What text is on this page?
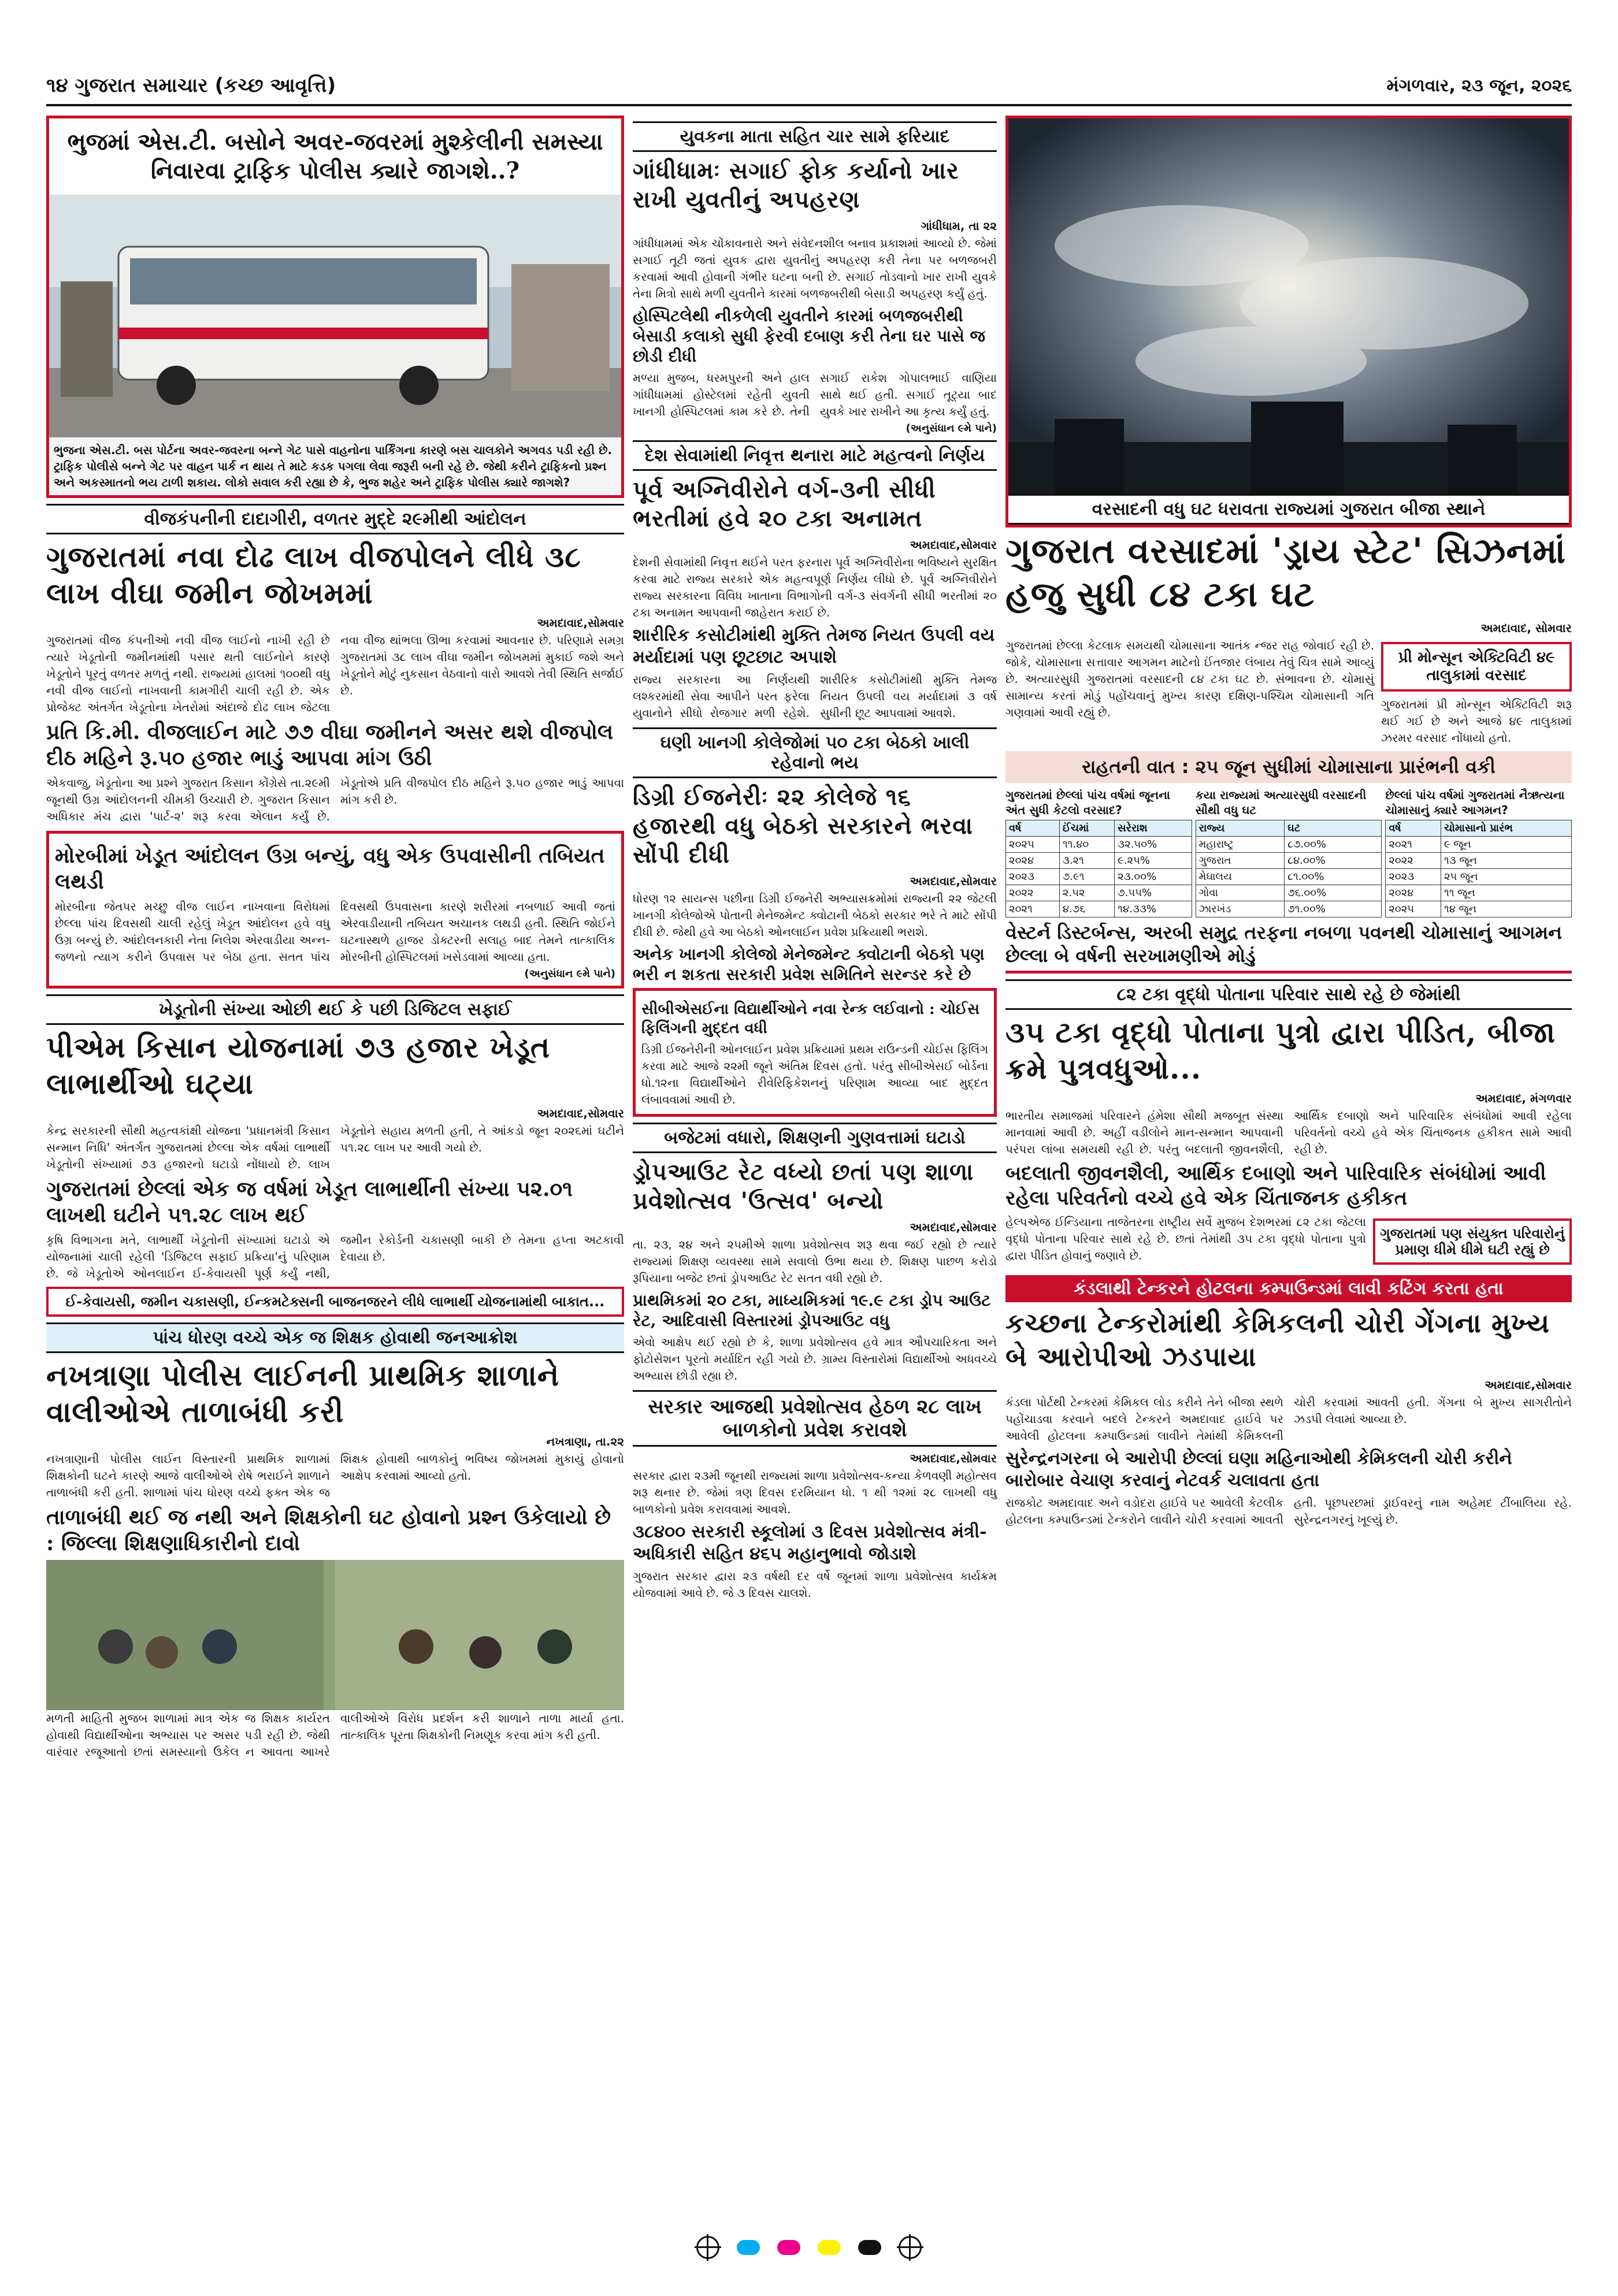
૧૪ ગુજરાત સમાચાર (કચ્છ આવૃત્તિ)	મંગળવાર, ૨૩ જૂન, ૨૦૨૬
ભુજમાં એસ.ટી. બસોને અવર-જવરમાં મુશ્કેલીની સમસ્યા નિવારવા ટ્રાફિક પોલીસ ક્યારે જાગશે..?
ભુજના એસ.ટી. બસ પોર્ટના અવર-જવરના બન્ને ગેટ પાસે વાહનોના પાર્કિંગના કારણે બસ ચાલકોને અગવડ પડી રહી છે. ટ્રાફિક પોલીસે બન્ને ગેટ પર વાહન પાર્ક ન થાય તે માટે કડક પગલા લેવા જરૂરી બની રહે છે. જેથી કરીને ટ્રાફિકનો પ્રશ્ન અને અકસ્માતનો ભય ટાળી શકાય. લોકો સવાલ કરી રહ્યા છે કે, ભુજ શહેર અને ટ્રાફિક પોલીસ ક્યારે જાગશે?
વીજકંપનીની દાદાગીરી, વળતર મુદ્દે ૨૯મીથી આંદોલન
ગુજરાતમાં નવા દોઢ લાખ વીજપોલને લીધે ૩૮ લાખ વીઘા જમીન જોખમમાં
અમદાવાદ,સોમવાર
ગુજરાતમાં વીજ કંપનીઓ નવી વીજ લાઈનો નાખી રહી છે ત્યારે ખેડૂતોની જમીનમાંથી પસાર થતી લાઈનોને કારણે ખેડૂતોને પૂરતું વળતર મળતું નથી. રાજ્યમાં હાલમાં ૧૦૦થી વધુ નવી વીજ લાઈનો નાખવાની કામગીરી ચાલી રહી છે. એક પ્રોજેક્ટ અંતર્ગત ખેડૂતોના ખેતરોમાં અંદાજે દોઢ લાખ જેટલા નવા વીજ થાંભલા ઊભા કરવામાં આવનાર છે. પરિણામે સમગ્ર ગુજરાતમાં ૩૮ લાખ વીઘા જમીન જોખમમાં મુકાઈ જશે અને ખેડૂતોને મોટું નુકસાન વેઠવાનો વારો આવશે તેવી સ્થિતિ સર્જાઈ છે.
પ્રતિ કિ.મી. વીજલાઈન માટે ૭૭ વીઘા જમીનને અસર થશે વીજપોલ દીઠ મહિને રૂ.૫૦ હજાર ભાડું આપવા માંગ ઉઠી
એકવાજુ, ખેડૂતોના આ પ્રશ્ને ગુજરાત કિસાન કોંગ્રેસે તા.૨૯મી જૂનથી ઉગ્ર આંદોલનની ચીમકી ઉચ્ચારી છે. ગુજરાત કિસાન અધિકાર મંચ દ્વારા 'પાર્ટ-૨' શરૂ કરવા એલાન કર્યું છે. ખેડૂતોએ પ્રતિ વીજપોલ દીઠ મહિને રૂ.૫૦ હજાર ભાડું આપવા માંગ કરી છે.
મોરબીમાં ખેડૂત આંદોલન ઉગ્ર બન્યું, વધુ એક ઉપવાસીની તબિયત લથડી
મોરબીના જેતપર મચ્છુ વીજ લાઈન નાખવાના વિરોધમાં છેલ્લા પાંચ દિવસથી ચાલી રહેલું ખેડૂત આંદોલન હવે વધુ ઉગ્ર બન્યું છે. આંદોલનકારી નેતા નિલેશ એરવાડીયા અન્ન-જળનો ત્યાગ કરીને ઉપવાસ પર બેઠા હતા. સતત પાંચ દિવસથી ઉપવાસના કારણે શરીરમાં નબળાઈ આવી જતાં એરવાડીયાની તબિયત અચાનક લથડી હતી. સ્થિતિ જોઈને ઘટનાસ્થળે હાજર ડોક્ટરની સલાહ બાદ તેમને તાત્કાલિક મોરબીની હોસ્પિટલમાં ખસેડવામાં આવ્યા હતા.
(અનુસંધાન ૯મે પાને)
ખેડૂતોની સંખ્યા ઓછી થઈ કે પછી ડિજિટલ સફાઈ
પીએમ કિસાન યોજનામાં ૭૩ હજાર ખેડૂત લાભાર્થીઓ ઘટ્યા
અમદાવાદ,સોમવાર
કેન્દ્ર સરકારની સૌથી મહત્વકાંક્ષી યોજના 'પ્રધાનમંત્રી કિસાન સન્માન નિધિ' અંતર્ગત ગુજરાતમાં છેલ્લા એક વર્ષમાં લાભાર્થી ખેડૂતોની સંખ્યામાં ૭૩ હજારનો ઘટાડો નોંધાયો છે. લાખ ખેડૂતોને સહાય મળતી હતી, તે આંકડો જૂન ૨૦૨૬માં ઘટીને ૫૧.૨૮ લાખ પર આવી ગયો છે.
ગુજરાતમાં છેલ્લાં એક જ વર્ષમાં ખેડૂત લાભાર્થીની સંખ્યા ૫૨.૦૧ લાખથી ઘટીને ૫૧.૨૮ લાખ થઈ
કૃષિ વિભાગના મતે, લાભાર્થી ખેડૂતોની સંખ્યામાં ઘટાડો એ યોજનામાં ચાલી રહેલી 'ડિજિટલ સફાઈ પ્રક્રિયા'નું પરિણામ છે. જે ખેડૂતોએ ઓનલાઈન ઈ-કેવાયસી પૂર્ણ કર્યું નથી, જમીન રેકોર્ડની ચકાસણી બાકી છે તેમના હપ્તા અટકાવી દેવાયા છે.
ઈ-કેવાયસી, જમીન ચકાસણી, ઈન્કમટેક્સની બાજનજરને લીધે લાભાર્થી યોજનામાંથી બાકાત...
પાંચ ધોરણ વચ્ચે એક જ શિક્ષક હોવાથી જનઆક્રોશ
નખત્રાણા પોલીસ લાઈનની પ્રાથમિક શાળાને વાલીઓએ તાળાબંધી કરી
નખત્રાણા, તા.૨૨
નખત્રાણાની પોલીસ લાઈન વિસ્તારની પ્રાથમિક શાળામાં શિક્ષકોની ઘટને કારણે આજે વાલીઓએ રોષે ભરાઈને શાળાને તાળાબંધી કરી હતી. શાળામાં પાંચ ધોરણ વચ્ચે ફક્ત એક જ શિક્ષક હોવાથી બાળકોનું ભવિષ્ય જોખમમાં મુકાયું હોવાનો આક્ષેપ કરવામાં આવ્યો હતો.
તાળાબંધી થઈ જ નથી અને શિક્ષકોની ઘટ હોવાનો પ્રશ્ન ઉકેલાયો છે : જિલ્લા શિક્ષણાધિકારીનો દાવો
મળતી માહિતી મુજબ શાળામાં માત્ર એક જ શિક્ષક કાર્યરત હોવાથી વિદ્યાર્થીઓના અભ્યાસ પર અસર પડી રહી છે. જેથી વારંવાર રજૂઆતો છતાં સમસ્યાનો ઉકેલ ન આવતા આખરે વાલીઓએ વિરોધ પ્રદર્શન કરી શાળાને તાળા માર્યા હતા. તાત્કાલિક પૂરતા શિક્ષકોની નિમણૂક કરવા માંગ કરી હતી.
યુવકના માતા સહિત ચાર સામે ફરિયાદ
ગાંધીધામઃ સગાઈ ફોક કર્યાનો ખાર રાખી યુવતીનું અપહરણ
ગાંધીધામ, તા ૨૨
ગાંધીધામમાં એક ચોંકાવનારો અને સંવેદનશીલ બનાવ પ્રકાશમાં આવ્યો છે. જેમાં સગાઈ તૂટી જતાં યુવક દ્વારા યુવતીનું અપહરણ કરી તેના પર બળજબરી કરવામાં આવી હોવાની ગંભીર ઘટના બની છે. સગાઈ તોડવાનો ખાર રાખી યુવકે તેના મિત્રો સાથે મળી યુવતીને કારમાં બળજબરીથી બેસાડી અપહરણ કર્યું હતું.
હોસ્પિટલેથી નીકળેલી યુવતીને કારમાં બળજબરીથી બેસાડી કલાકો સુધી ફેરવી દબાણ કરી તેના ઘર પાસે જ છોડી દીધી
મળ્યા મુજબ, ધરમપુરની અને હાલ ગાંધીધામમાં હોસ્ટેલમાં રહેતી યુવતી ખાનગી હોસ્પિટલમાં કામ કરે છે. તેની સગાઈ રાકેશ ગોપાલભાઈ વાણિયા સાથે થઈ હતી. સગાઈ તૂટ્યા બાદ યુવકે ખાર રાખીને આ કૃત્ય કર્યું હતું.
(અનુસંધાન ૯મે પાને)
દેશ સેવામાંથી નિવૃત્ત થનારા માટે મહત્વનો નિર્ણય
પૂર્વ અગ્નિવીરોને વર્ગ-૩ની સીધી ભરતીમાં હવે ૨૦ ટકા અનામત
અમદાવાદ,સોમવાર
દેશની સેવામાંથી નિવૃત્ત થઈને પરત ફરનારા પૂર્વ અગ્નિવીરોના ભવિષ્યને સુરક્ષિત કરવા માટે રાજ્ય સરકારે એક મહત્વપૂર્ણ નિર્ણય લીધો છે. પૂર્વ અગ્નિવીરોને રાજ્ય સરકારના વિવિધ ખાતાના વિભાગોની વર્ગ-૩ સંવર્ગની સીધી ભરતીમાં ૨૦ ટકા અનામત આપવાની જાહેરાત કરાઈ છે.
શારીરિક કસોટીમાંથી મુક્તિ તેમજ નિયત ઉપલી વય મર્યાદામાં પણ છૂટછાટ અપાશે
રાજ્ય સરકારના આ નિર્ણયથી લશ્કરમાંથી સેવા આપીને પરત ફરેલા યુવાનોને સીધો રોજગાર મળી રહેશે. શારીરિક કસોટીમાંથી મુક્તિ તેમજ નિયત ઉપલી વય મર્યાદામાં ૩ વર્ષ સુધીની છૂટ આપવામાં આવશે.
ઘણી ખાનગી કોલેજોમાં ૫૦ ટકા બેઠકો ખાલી રહેવાનો ભય
ડિગ્રી ઈજનેરીઃ ૨૨ કોલેજે ૧૬ હજારથી વધુ બેઠકો સરકારને ભરવા સોંપી દીધી
અમદાવાદ,સોમવાર
ધોરણ ૧૨ સાયન્સ પછીના ડિગ્રી ઈજનેરી અભ્યાસક્રમોમાં રાજ્યની ૨૨ જેટલી ખાનગી કોલેજોએ પોતાની મેનેજમેન્ટ ક્વોટાની બેઠકો સરકાર ભરે તે માટે સોંપી દીધી છે. જેથી હવે આ બેઠકો ઓનલાઈન પ્રવેશ પ્રક્રિયાથી ભરાશે.
અનેક ખાનગી કોલેજો મેનેજમેન્ટ ક્વોટાની બેઠકો પણ ભરી ન શકતા સરકારી પ્રવેશ સમિતિને સરન્ડર કરે છે
સીબીએસઈના વિદ્યાર્થીઓને નવા રેન્ક લઈવાનો : ચોઈસ ફિલિંગની મુદ્દત વધી
ડિગ્રી ઈજનેરીની ઓનલાઈન પ્રવેશ પ્રક્રિયામાં પ્રથમ રાઉન્ડની ચોઈસ ફિલિંગ કરવા માટે આજે ૨૨મી જૂને અંતિમ દિવસ હતો. પરંતુ સીબીએસઈ બોર્ડના ધો.૧૨ના વિદ્યાર્થીઓને રીવેરિફિકેશનનું પરિણામ આવ્યા બાદ મુદ્દત લંબાવવામાં આવી છે.
બજેટમાં વધારો, શિક્ષણની ગુણવત્તામાં ઘટાડો
ડ્રોપઆઉટ રેટ વધ્યો છતાં પણ શાળા પ્રવેશોત્સવ 'ઉત્સવ' બન્યો
અમદાવાદ,સોમવાર
તા. ૨૩, ૨૪ અને ૨૫મીએ શાળા પ્રવેશોત્સવ શરૂ થવા જઈ રહ્યો છે ત્યારે રાજ્યમાં શિક્ષણ વ્યવસ્થા સામે સવાલો ઉભા થયા છે. શિક્ષણ પાછળ કરોડો રૂપિયાના બજેટ છતાં ડ્રોપઆઉટ રેટ સતત વધી રહ્યો છે.
પ્રાથમિકમાં ૨૦ ટકા, માધ્યમિકમાં ૧૯.૯ ટકા ડ્રોપ આઉટ રેટ, આદિવાસી વિસ્તારમાં ડ્રોપઆઉટ વધુ
એવો આક્ષેપ થઈ રહ્યો છે કે, શાળા પ્રવેશોત્સવ હવે માત્ર ઔપચારિકતા અને ફોટોસેશન પૂરતો મર્યાદિત રહી ગયો છે. ગ્રામ્ય વિસ્તારોમાં વિદ્યાર્થીઓ અધવચ્ચે અભ્યાસ છોડી રહ્યા છે.
સરકાર આજથી પ્રવેશોત્સવ હેઠળ ૨૮ લાખ બાળકોનો પ્રવેશ કરાવશે
અમદાવાદ,સોમવાર
સરકાર દ્વારા ૨૩મી જૂનથી રાજ્યમાં શાળા પ્રવેશોત્સવ-કન્યા કેળવણી મહોત્સવ શરૂ થનાર છે. જેમાં ત્રણ દિવસ દરમિયાન ધો. ૧ થી ૧૨માં ૨૮ લાખથી વધુ બાળકોનો પ્રવેશ કરાવવામાં આવશે.
૩૮૪૦૦ સરકારી સ્કૂલોમાં ૩ દિવસ પ્રવેશોત્સવ મંત્રી-અધિકારી સહિત ૪૬૫ મહાનુભાવો જોડાશે
ગુજરાત સરકાર દ્વારા ૨૩ વર્ષથી દર વર્ષે જૂનમાં શાળા પ્રવેશોત્સવ કાર્યક્રમ યોજવામાં આવે છે. જે ૩ દિવસ ચાલશે.
વરસાદની વધુ ઘટ ધરાવતા રાજ્યમાં ગુજરાત બીજા સ્થાને
ગુજરાત વરસાદમાં 'ડ્રાય સ્ટેટ' સિઝનમાં હજુ સુધી ૮૪ ટકા ઘટ
અમદાવાદ, સોમવાર
ગુજરાતમાં છેલ્લા કેટલાક સમયથી ચોમાસાના આતંક ન્જર રાહ જોવાઈ રહી છે. જોકે, ચોમાસાના સત્તાવાર આગમન માટેનો ઈંતજાર લંબાય તેવું ચિત્ર સામે આવ્યું છે. અત્યારસુધી ગુજરાતમાં વરસાદની ૮૪ ટકા ઘટ છે. સંભાવના છે. ચોમાસું સામાન્ય કરતાં મોડું પહોંચવાનું મુખ્ય કારણ દક્ષિણ-પશ્ચિમ ચોમાસાની ગતિ ગણવામાં આવી રહ્યું છે.
પ્રી મોન્સૂન એક્ટિવિટી ૪૯ તાલુકામાં વરસાદ
ગુજરાતમાં પ્રી મોન્સૂન એક્ટિવિટી શરૂ થઈ ગઈ છે અને આજે ૪૯ તાલુકામાં ઝરમર વરસાદ નોંધાયો હતો.
રાહતની વાત : ૨૫ જૂન સુધીમાં ચોમાસાના પ્રારંભની વકી
ગુજરાતમાં છેલ્લાં પાંચ વર્ષમાં જૂનના અંત સુધી કેટલો વરસાદ?
વર્ષ	ઈંચમાં	સરેરાશ
૨૦૨૫	૧૧.૪૦	૩૨.૫૦%
૨૦૨૪	૩.૨૧	૯.૨૫%
૨૦૨૩	૭.૯૧	૨૩.૦૦%
૨૦૨૨	૨.૫૨	૭.૫૫%
૨૦૨૧	૪.૭૬	૧૪.૩૩%
કયા રાજ્યમાં અત્યારસુધી વરસાદની સૌથી વધુ ઘટ
રાજ્ય	ઘટ
મહારાષ્ટ્ર	૮૭.૦૦%
ગુજરાત	૮૪.૦૦%
મેઘાલય	૮૧.૦૦%
ગોવા	૭૬.૦૦%
ઝારખંડ	૭૧.૦૦%
છેલ્લાં પાંચ વર્ષમાં ગુજરાતમાં નૈઋત્યના ચોમાસાનું ક્યારે આગમન?
વર્ષ	ચોમાસાનો પ્રારંભ
૨૦૨૧	૯ જૂન
૨૦૨૨	૧૩ જૂન
૨૦૨૩	૨૫ જૂન
૨૦૨૪	૧૧ જૂન
૨૦૨૫	૧૪ જૂન
વેસ્ટર્ન ડિસ્ટર્બન્સ, અરબી સમુદ્ર તરફના નબળા પવનથી ચોમાસાનું આગમન છેલ્લા બે વર્ષની સરખામણીએ મોડું
૮૨ ટકા વૃદ્ધો પોતાના પરિવાર સાથે રહે છે જેમાંથી
૩૫ ટકા વૃદ્ધો પોતાના પુત્રો દ્વારા પીડિત, બીજા ક્રમે પુત્રવધુઓ...
અમદાવાદ, મંગળવાર
ભારતીય સમાજમાં પરિવારને હંમેશા સૌથી મજબૂત સંસ્થા માનવામાં આવી છે. અહીં વડીલોને માન-સન્માન આપવાની પરંપરા લાંબા સમયથી રહી છે. પરંતુ બદલાતી જીવનશૈલી, આર્થિક દબાણો અને પારિવારિક સંબંધોમાં આવી રહેલા પરિવર્તનો વચ્ચે હવે એક ચિંતાજનક હકીકત સામે આવી રહી છે.
બદલાતી જીવનશૈલી, આર્થિક દબાણો અને પારિવારિક સંબંધોમાં આવી રહેલા પરિવર્તનો વચ્ચે હવે એક ચિંતાજનક હકીકત
હેલ્પએજ ઈન્ડિયાના તાજેતરના રાષ્ટ્રીય સર્વે મુજબ દેશભરમાં ૮૨ ટકા જેટલા વૃદ્ધો પોતાના પરિવાર સાથે રહે છે. છતાં તેમાંથી ૩૫ ટકા વૃદ્ધો પોતાના પુત્રો દ્વારા પીડિત હોવાનું જણાવે છે.
ગુજરાતમાં પણ સંયુક્ત પરિવારોનું પ્રમાણ ધીમે ધીમે ઘટી રહ્યું છે
કંડલાથી ટેન્કરને હોટલના કમ્પાઉન્ડમાં લાવી કટિંગ કરતા હતા
કચ્છના ટેન્કરોમાંથી કેમિકલની ચોરી ગેંગના મુખ્ય બે આરોપીઓ ઝડપાયા
અમદાવાદ,સોમવાર
કંડલા પોર્ટથી ટેન્કરમાં કેમિકલ લોડ કરીને તેને બીજા સ્થળે પહોંચાડવા કરવાને બદલે ટેન્કરને અમદાવાદ હાઈવે પર આવેલી હોટલના કમ્પાઉન્ડમાં લાવીને તેમાંથી કેમિકલની ચોરી કરવામાં આવતી હતી. ગેંગના બે મુખ્ય સાગરીતોને ઝડપી લેવામાં આવ્યા છે.
સુરેન્દ્રનગરના બે આરોપી છેલ્લાં ઘણા મહિનાઓથી કેમિકલની ચોરી કરીને બારોબાર વેચાણ કરવાનું નેટવર્ક ચલાવતા હતા
રાજકોટ અમદાવાદ અને વડોદરા હાઈવે પર આવેલી કેટલીક હોટલના કમ્પાઉન્ડમાં ટેન્કરોને લાવીને ચોરી કરવામાં આવતી હતી. પૂછપરછમાં ડ્રાઈવરનું નામ અહેમદ ટીંબાલિયા રહે. સુરેન્દ્રનગરનું ખૂલ્યું છે.
